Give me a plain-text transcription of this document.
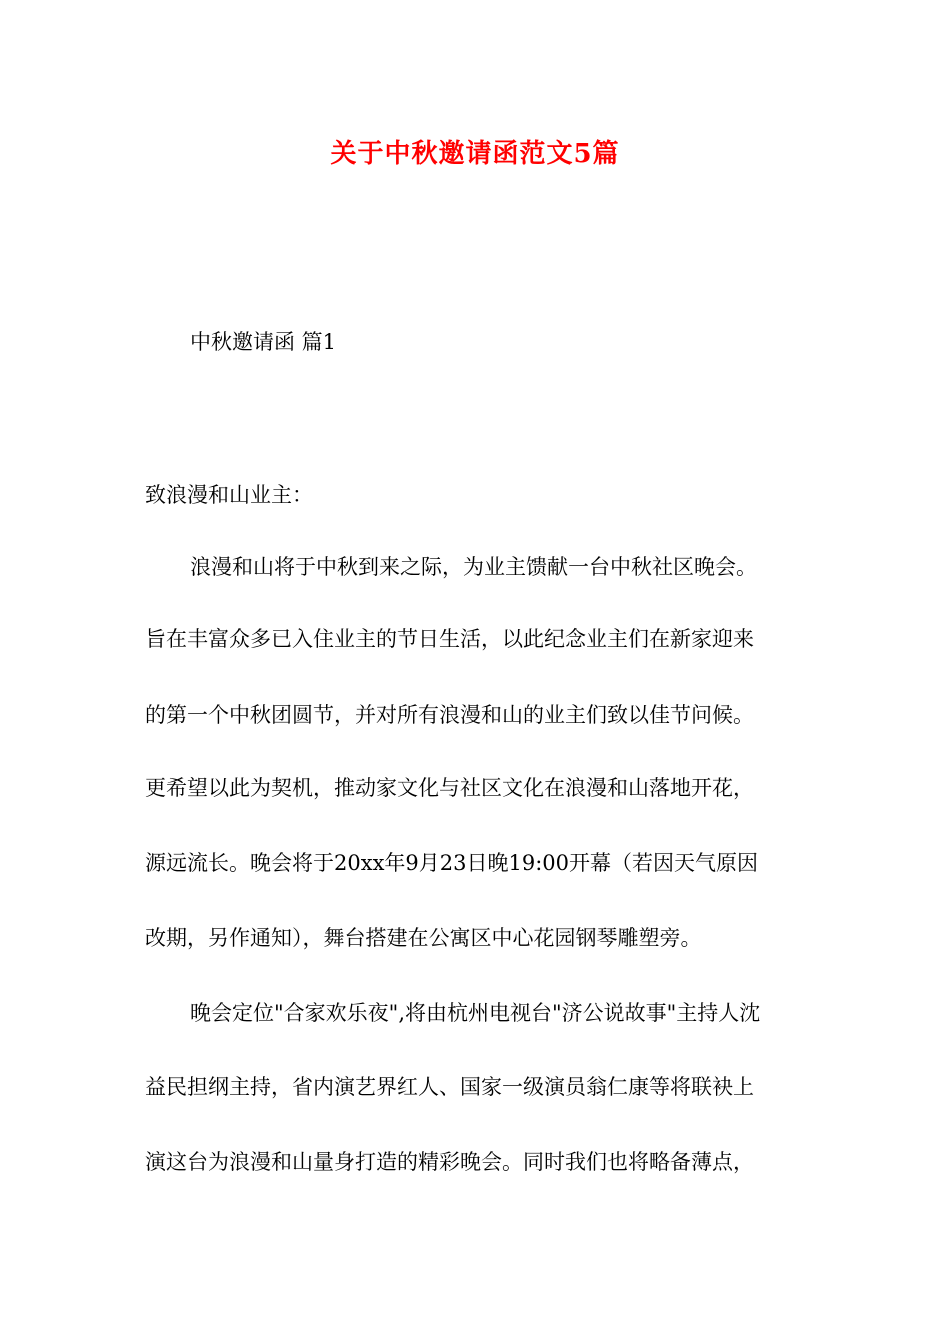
关于中秋邀请函范文5篇

中秋邀请函 篇1

致浪漫和山业主：

浪漫和山将于中秋到来之际，为业主馈献一台中秋社区晚会。

旨在丰富众多已入住业主的节日生活，以此纪念业主们在新家迎来

的第一个中秋团圆节，并对所有浪漫和山的业主们致以佳节问候。

更希望以此为契机，推动家文化与社区文化在浪漫和山落地开花，

源远流长。晚会将于20xx年9月23日晚19:00开幕（若因天气原因

改期，另作通知），舞台搭建在公寓区中心花园钢琴雕塑旁。

晚会定位"合家欢乐夜",将由杭州电视台"济公说故事"主持人沈

益民担纲主持，省内演艺界红人、国家一级演员翁仁康等将联袂上

演这台为浪漫和山量身打造的精彩晚会。同时我们也将略备薄点，
